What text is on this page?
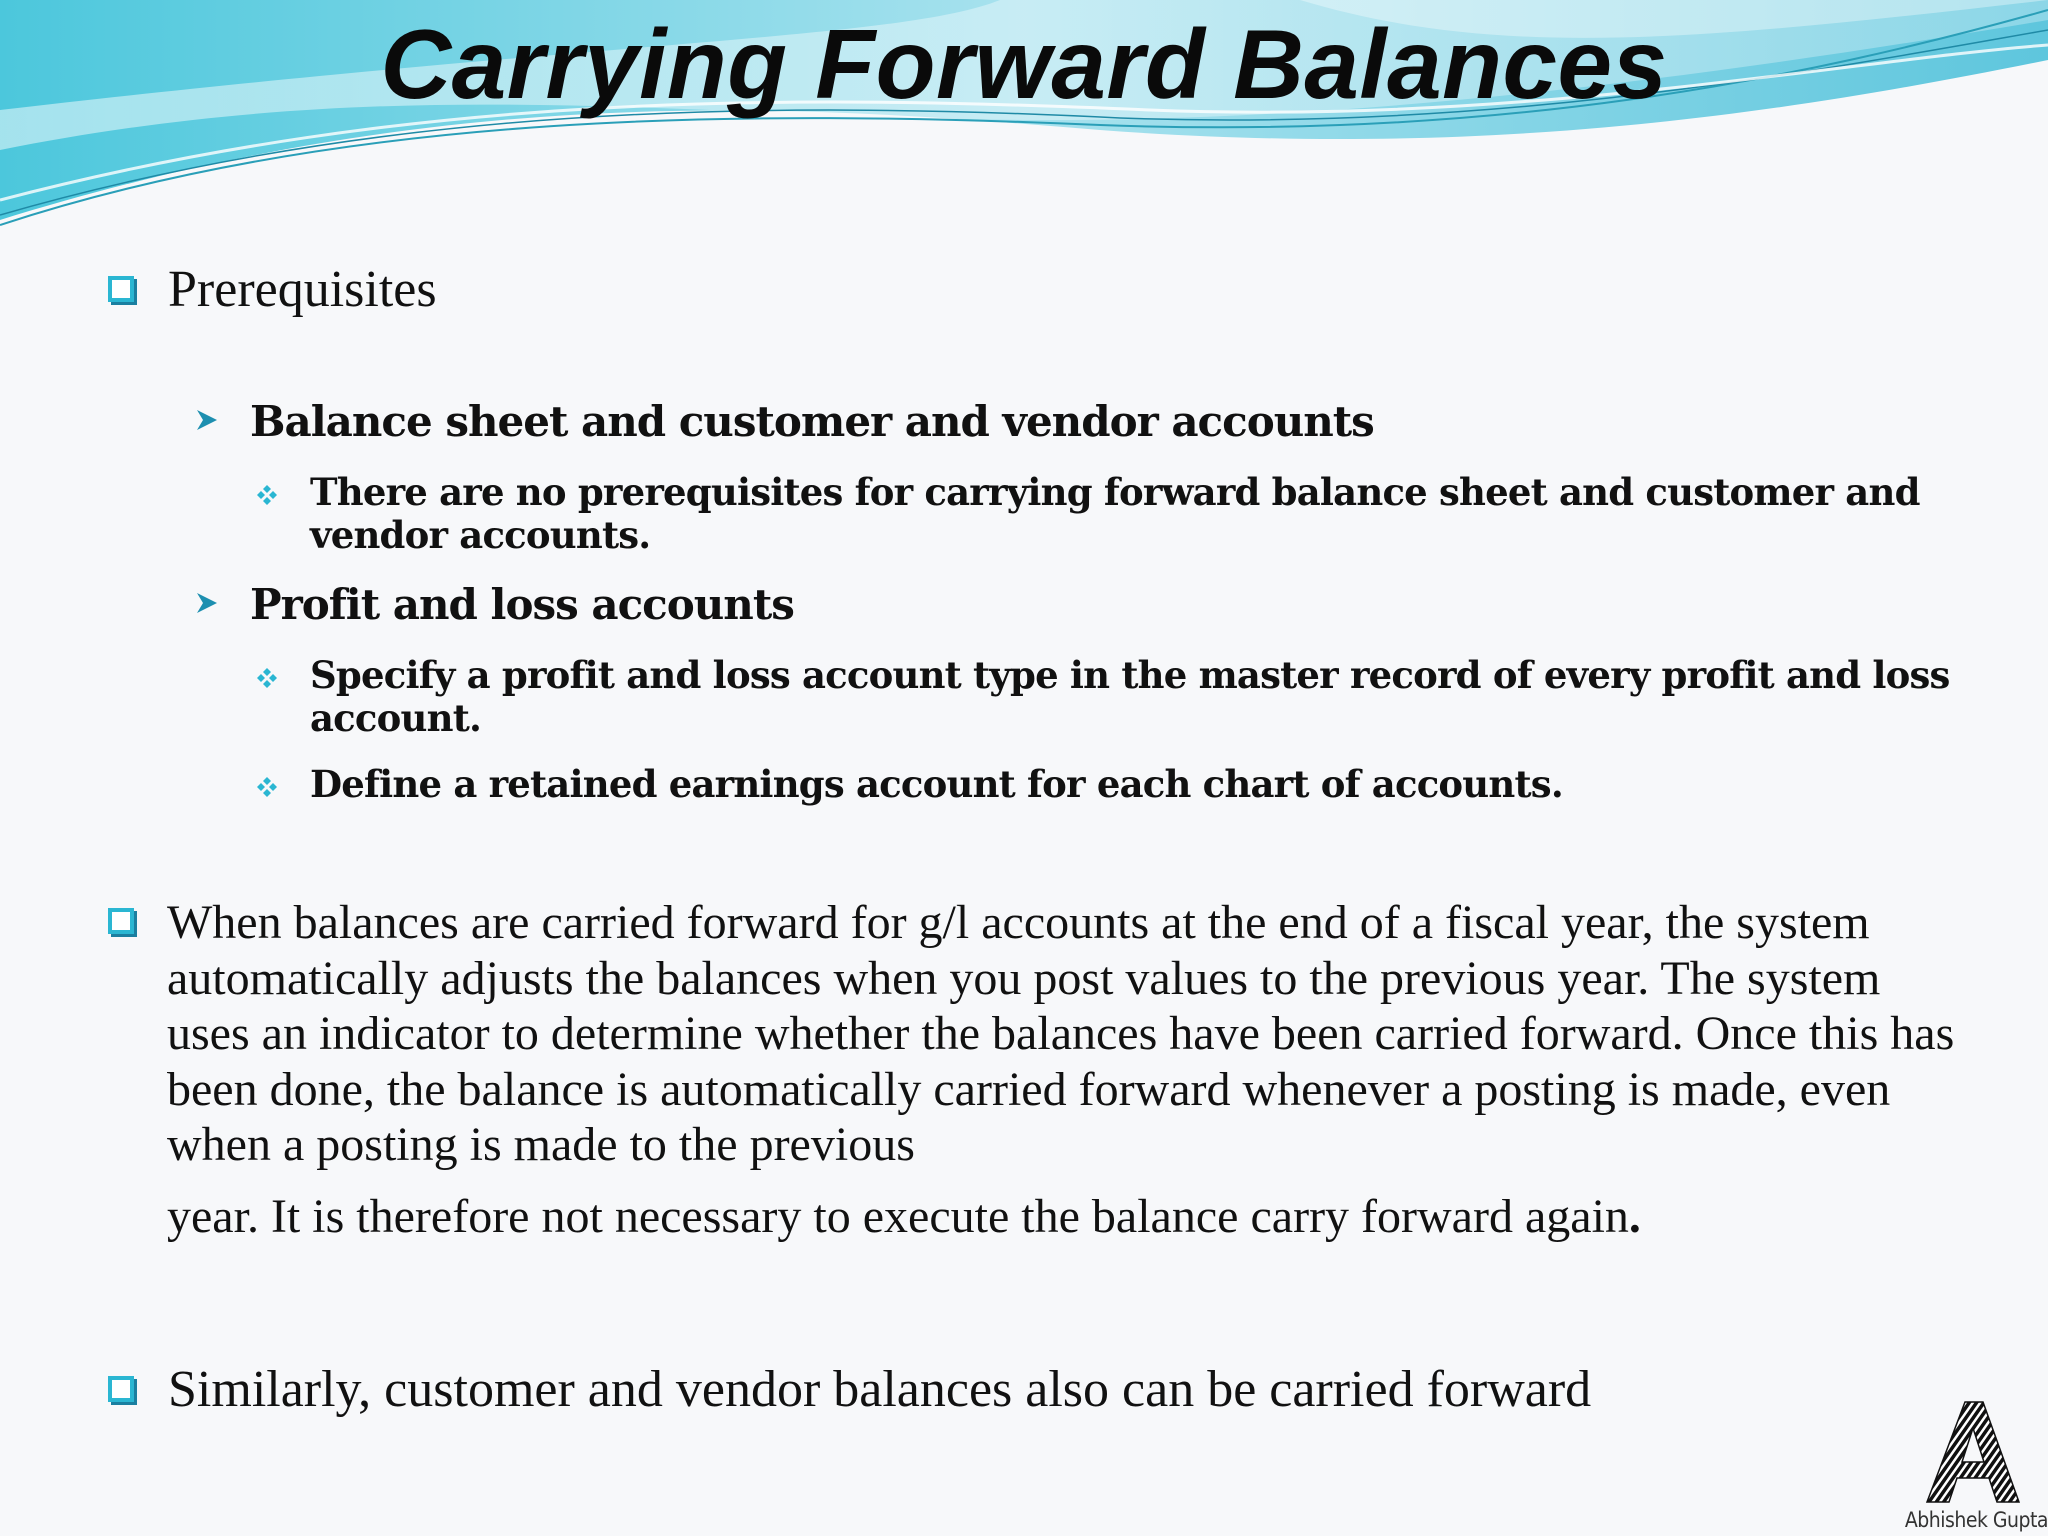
Carrying Forward Balances
Prerequisites
Balance sheet and customer and vendor accounts
There are no prerequisites for carrying forward balance sheet and customer and vendor accounts.
Profit and loss accounts
Specify a profit and loss account type in the master record of every profit and loss account.
Define a retained earnings account for each chart of accounts.
When balances are carried forward for g/l accounts at the end of a fiscal year, the system automatically adjusts the balances when you post values to the previous year. The system uses an indicator to determine whether the balances have been carried forward. Once this has been done, the balance is automatically carried forward whenever a posting is made, even when a posting is made to the previous
year. It is therefore not necessary to execute the balance carry forward again.
Similarly, customer and vendor balances also can be carried forward
Abhishek Gupta
